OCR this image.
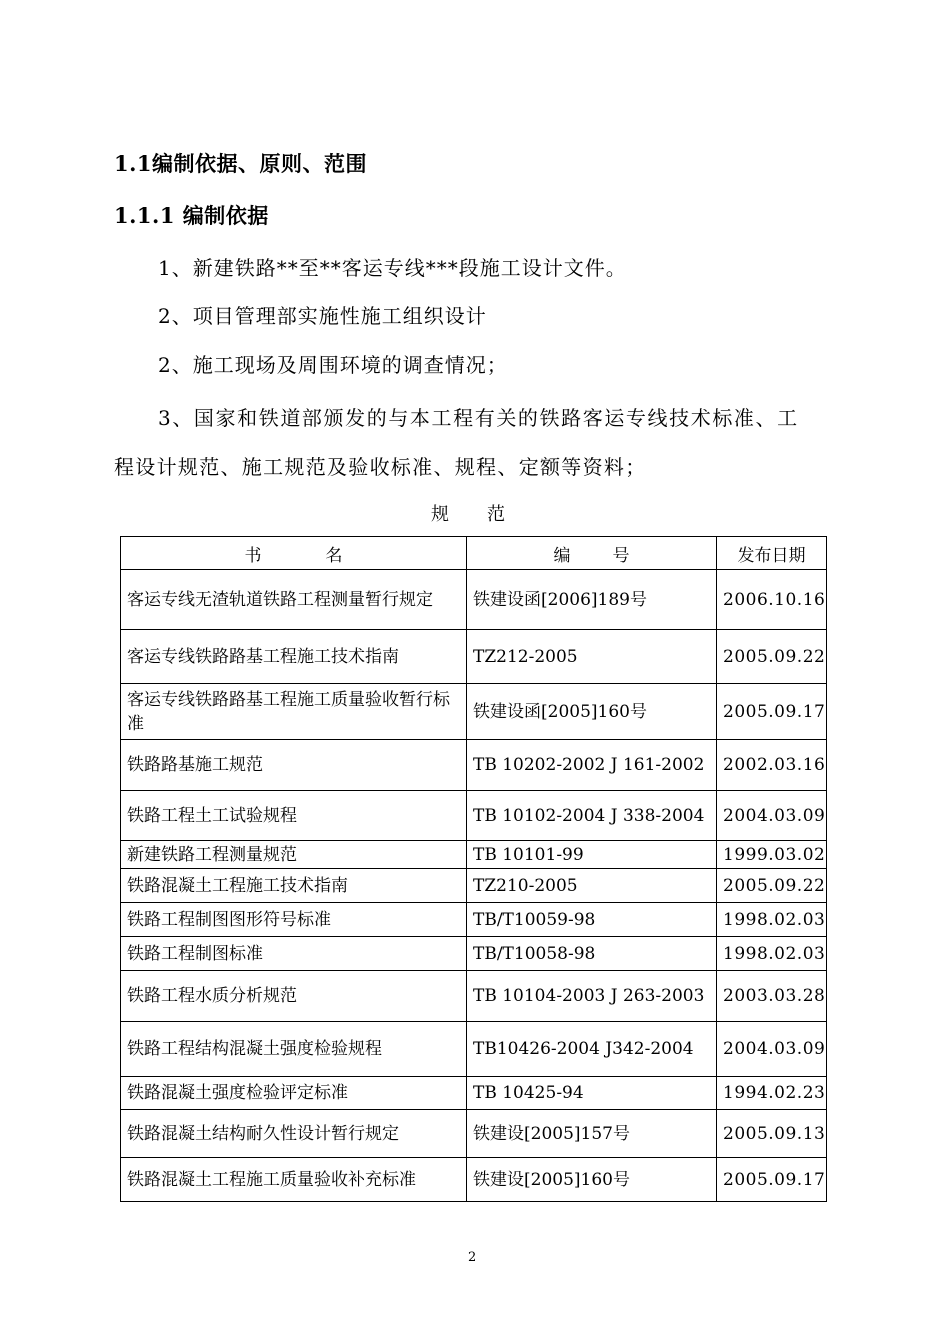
1.1编制依据、原则、范围
1.1.1 编制依据
1、新建铁路**至**客运专线***段施工设计文件。
2、项目管理部实施性施工组织设计
2、施工现场及周围环境的调查情况；
3、国家和铁道部颁发的与本工程有关的铁路客运专线技术标准、工
程设计规范、施工规范及验收标准、规程、定额等资料；
规范
书名	编号	发布日期
客运专线无渣轨道铁路工程测量暂行规定	铁建设函[2006]189号	2006.10.16
客运专线铁路路基工程施工技术指南	TZ212-2005	2005.09.22
客运专线铁路路基工程施工质量验收暂行标准	铁建设函[2005]160号	2005.09.17
铁路路基施工规范	TB 10202-2002 J 161-2002	2002.03.16
铁路工程土工试验规程	TB 10102-2004 J 338-2004	2004.03.09
新建铁路工程测量规范	TB 10101-99	1999.03.02
铁路混凝土工程施工技术指南	TZ210-2005	2005.09.22
铁路工程制图图形符号标准	TB/T10059-98	1998.02.03
铁路工程制图标准	TB/T10058-98	1998.02.03
铁路工程水质分析规范	TB 10104-2003 J 263-2003	2003.03.28
铁路工程结构混凝土强度检验规程	TB10426-2004 J342-2004	2004.03.09
铁路混凝土强度检验评定标准	TB 10425-94	1994.02.23
铁路混凝土结构耐久性设计暂行规定	铁建设[2005]157号	2005.09.13
铁路混凝土工程施工质量验收补充标准	铁建设[2005]160号	2005.09.17
2
